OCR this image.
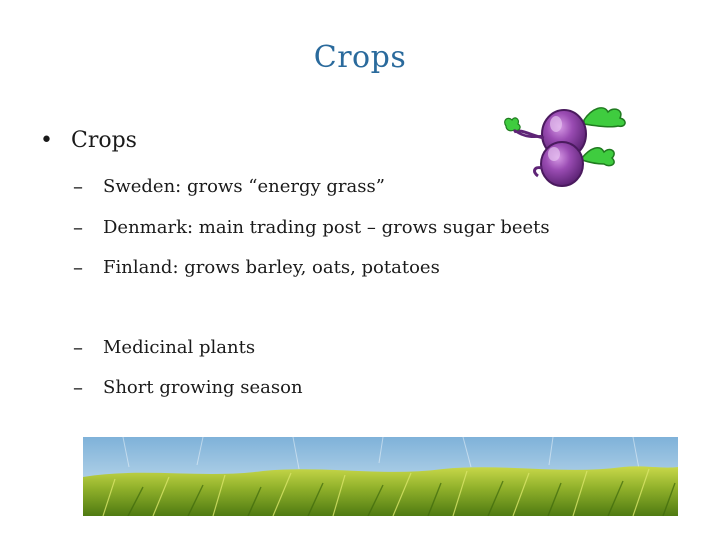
Crops
• Crops
–	Sweden: grows “energy grass”
–	Denmark: main trading post – grows sugar beets
–	Finland: grows barley, oats, potatoes
–	Medicinal plants
–	Short growing season
